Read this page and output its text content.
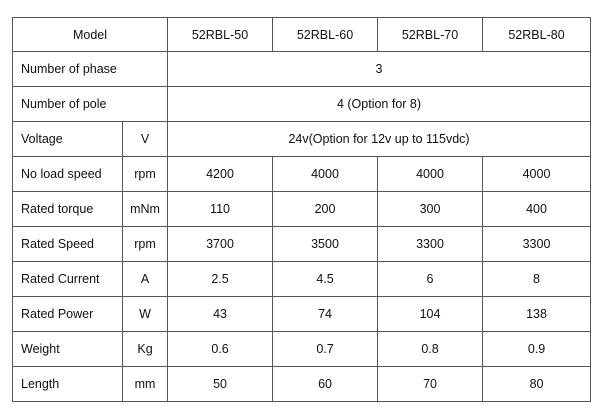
Model		52RBL-50	52RBL-60	52RBL-70	52RBL-80
Number of phase		3			
Number of pole		4 (Option for 8)			
Voltage	V	24v(Option for 12v up to 115vdc)			
No load speed	rpm	4200	4000	4000	4000
Rated torque	mNm	110	200	300	400
Rated Speed	rpm	3700	3500	3300	3300
Rated Current	A	2.5	4.5	6	8
Rated Power	W	43	74	104	138
Weight	Kg	0.6	0.7	0.8	0.9
Length	mm	50	60	70	80
